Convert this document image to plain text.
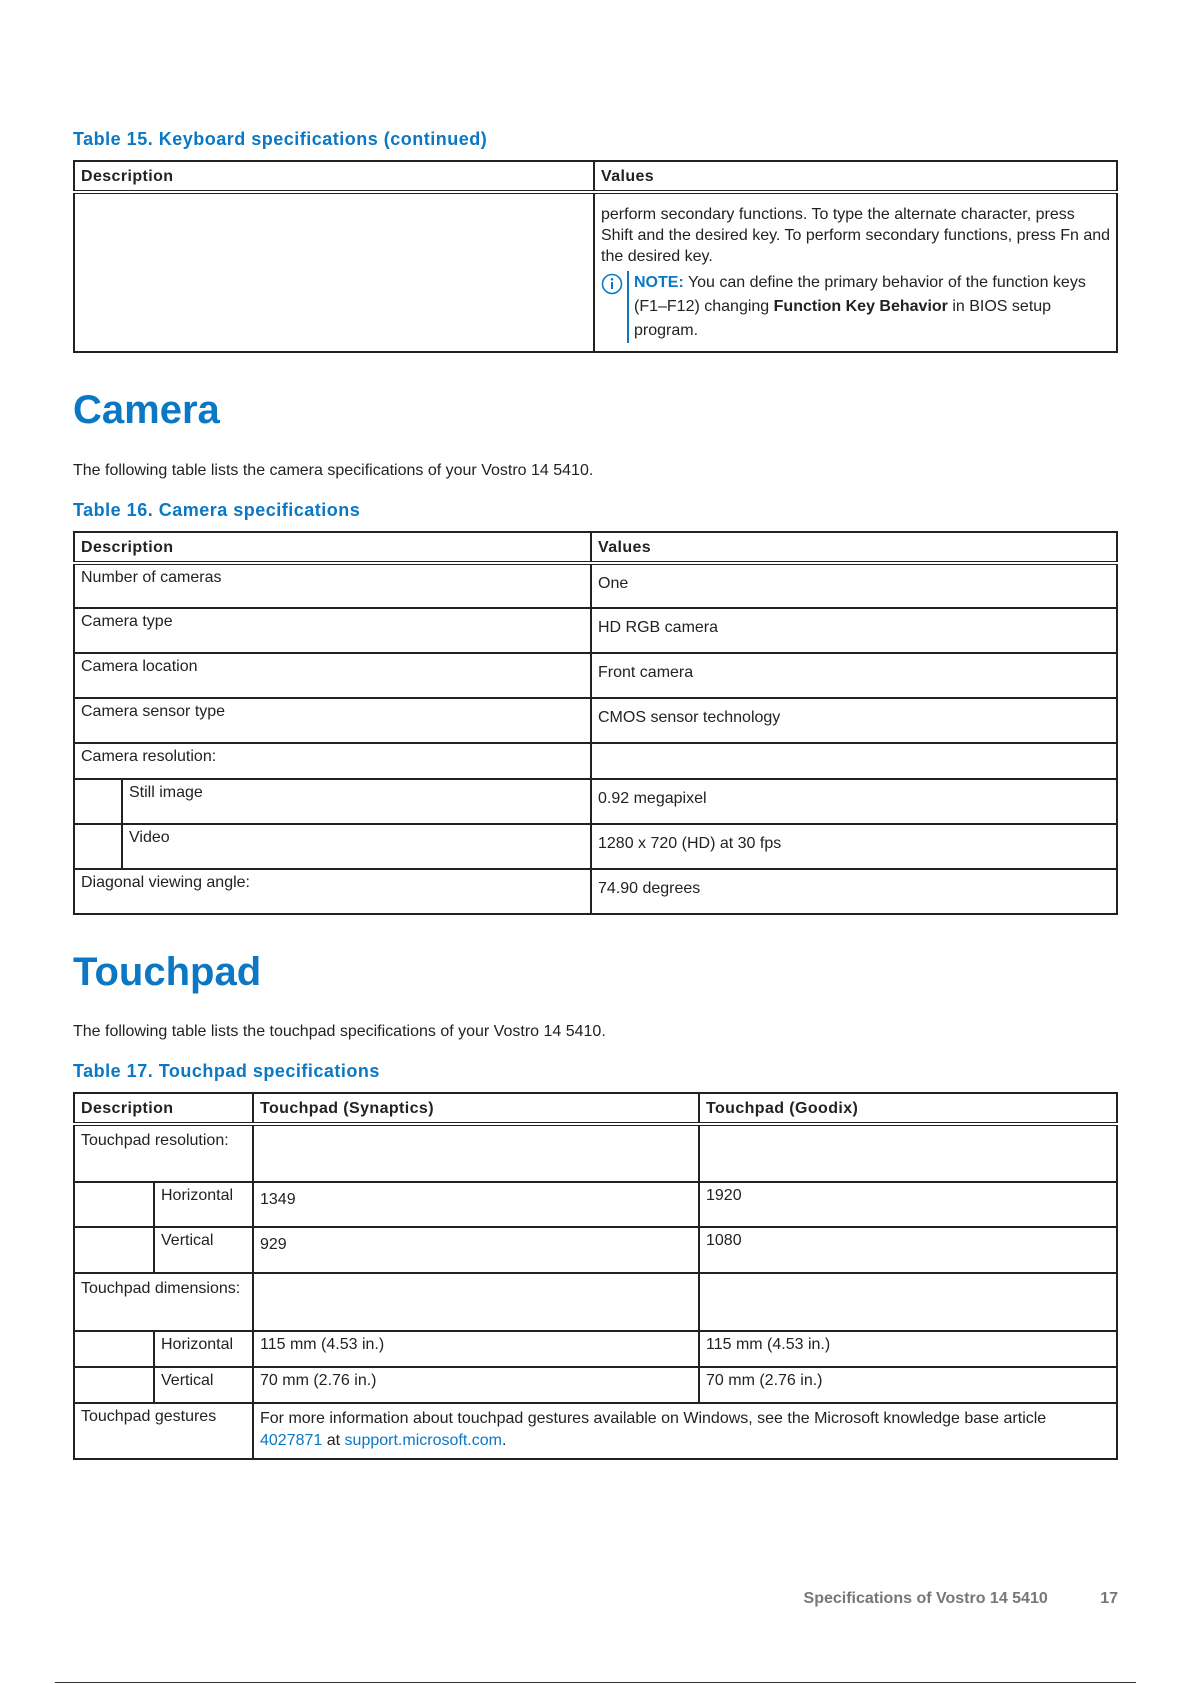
Table 15. Keyboard specifications (continued)

Description	Values
	perform secondary functions. To type the alternate character, press Shift and the desired key. To perform secondary functions, press Fn and the desired key.
NOTE: You can define the primary behavior of the function keys (F1–F12) changing Function Key Behavior in BIOS setup program.
Camera

The following table lists the camera specifications of your Vostro 14 5410.

Table 16. Camera specifications

Description		Values
Number of cameras		One
Camera type		HD RGB camera
Camera location		Front camera
Camera sensor type		CMOS sensor technology
Camera resolution:		
	Still image	0.92 megapixel
	Video	1280 x 720 (HD) at 30 fps
Diagonal viewing angle:		74.90 degrees
Touchpad

The following table lists the touchpad specifications of your Vostro 14 5410.

Table 17. Touchpad specifications

Description		Touchpad (Synaptics)	Touchpad (Goodix)
Touchpad resolution:			
	Horizontal	1349	1920
	Vertical	929	1080
Touchpad dimensions:			
	Horizontal	115 mm (4.53 in.)	115 mm (4.53 in.)
	Vertical	70 mm (2.76 in.)	70 mm (2.76 in.)
Touchpad gestures		For more information about touchpad gestures available on Windows, see the Microsoft knowledge base article 4027871 at support.microsoft.com.	
Specifications of Vostro 14 5410	17
